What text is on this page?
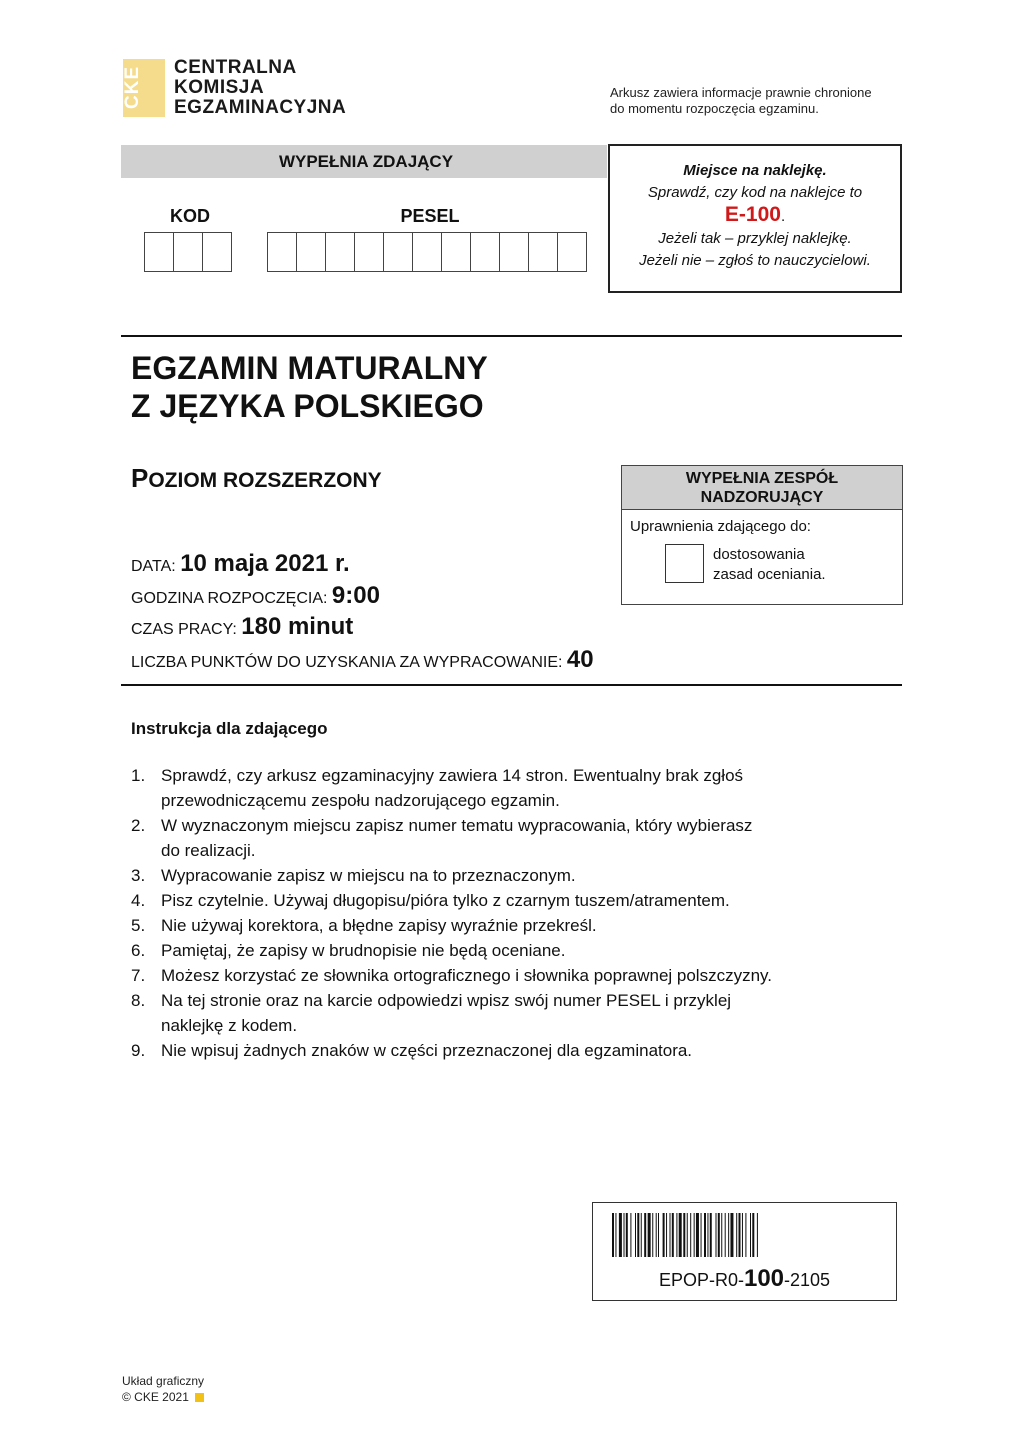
CKE	CENTRALNA
KOMISJA
EGZAMINACYJNA
Arkusz zawiera informacje prawnie chronione
do momentu rozpoczęcia egzaminu.
WYPEŁNIA ZDAJĄCY
KOD	PESEL
Miejsce na naklejkę.
Sprawdź, czy kod na naklejce to
E-100.
Jeżeli tak – przyklej naklejkę.
Jeżeli nie – zgłoś to nauczycielowi.
EGZAMIN MATURALNY
Z JĘZYKA POLSKIEGO
POZIOM ROZSZERZONY
DATA: 10 maja 2021 r.
GODZINA ROZPOCZĘCIA: 9:00
CZAS PRACY: 180 minut
LICZBA PUNKTÓW DO UZYSKANIA ZA WYPRACOWANIE: 40
WYPEŁNIA ZESPÓŁ
NADZORUJĄCY
Uprawnienia zdającego do:
dostosowania
zasad oceniania.
Instrukcja dla zdającego
1. Sprawdź, czy arkusz egzaminacyjny zawiera 14 stron. Ewentualny brak zgłoś
przewodniczącemu zespołu nadzorującego egzamin.
2. W wyznaczonym miejscu zapisz numer tematu wypracowania, który wybierasz
do realizacji.
3. Wypracowanie zapisz w miejscu na to przeznaczonym.
4. Pisz czytelnie. Używaj długopisu/pióra tylko z czarnym tuszem/atramentem.
5. Nie używaj korektora, a błędne zapisy wyraźnie przekreśl.
6. Pamiętaj, że zapisy w brudnopisie nie będą oceniane.
7. Możesz korzystać ze słownika ortograficznego i słownika poprawnej polszczyzny.
8. Na tej stronie oraz na karcie odpowiedzi wpisz swój numer PESEL i przyklej
naklejkę z kodem.
9. Nie wpisuj żadnych znaków w części przeznaczonej dla egzaminatora.
EPOP-R0-100-2105
Układ graficzny
© CKE 2021
